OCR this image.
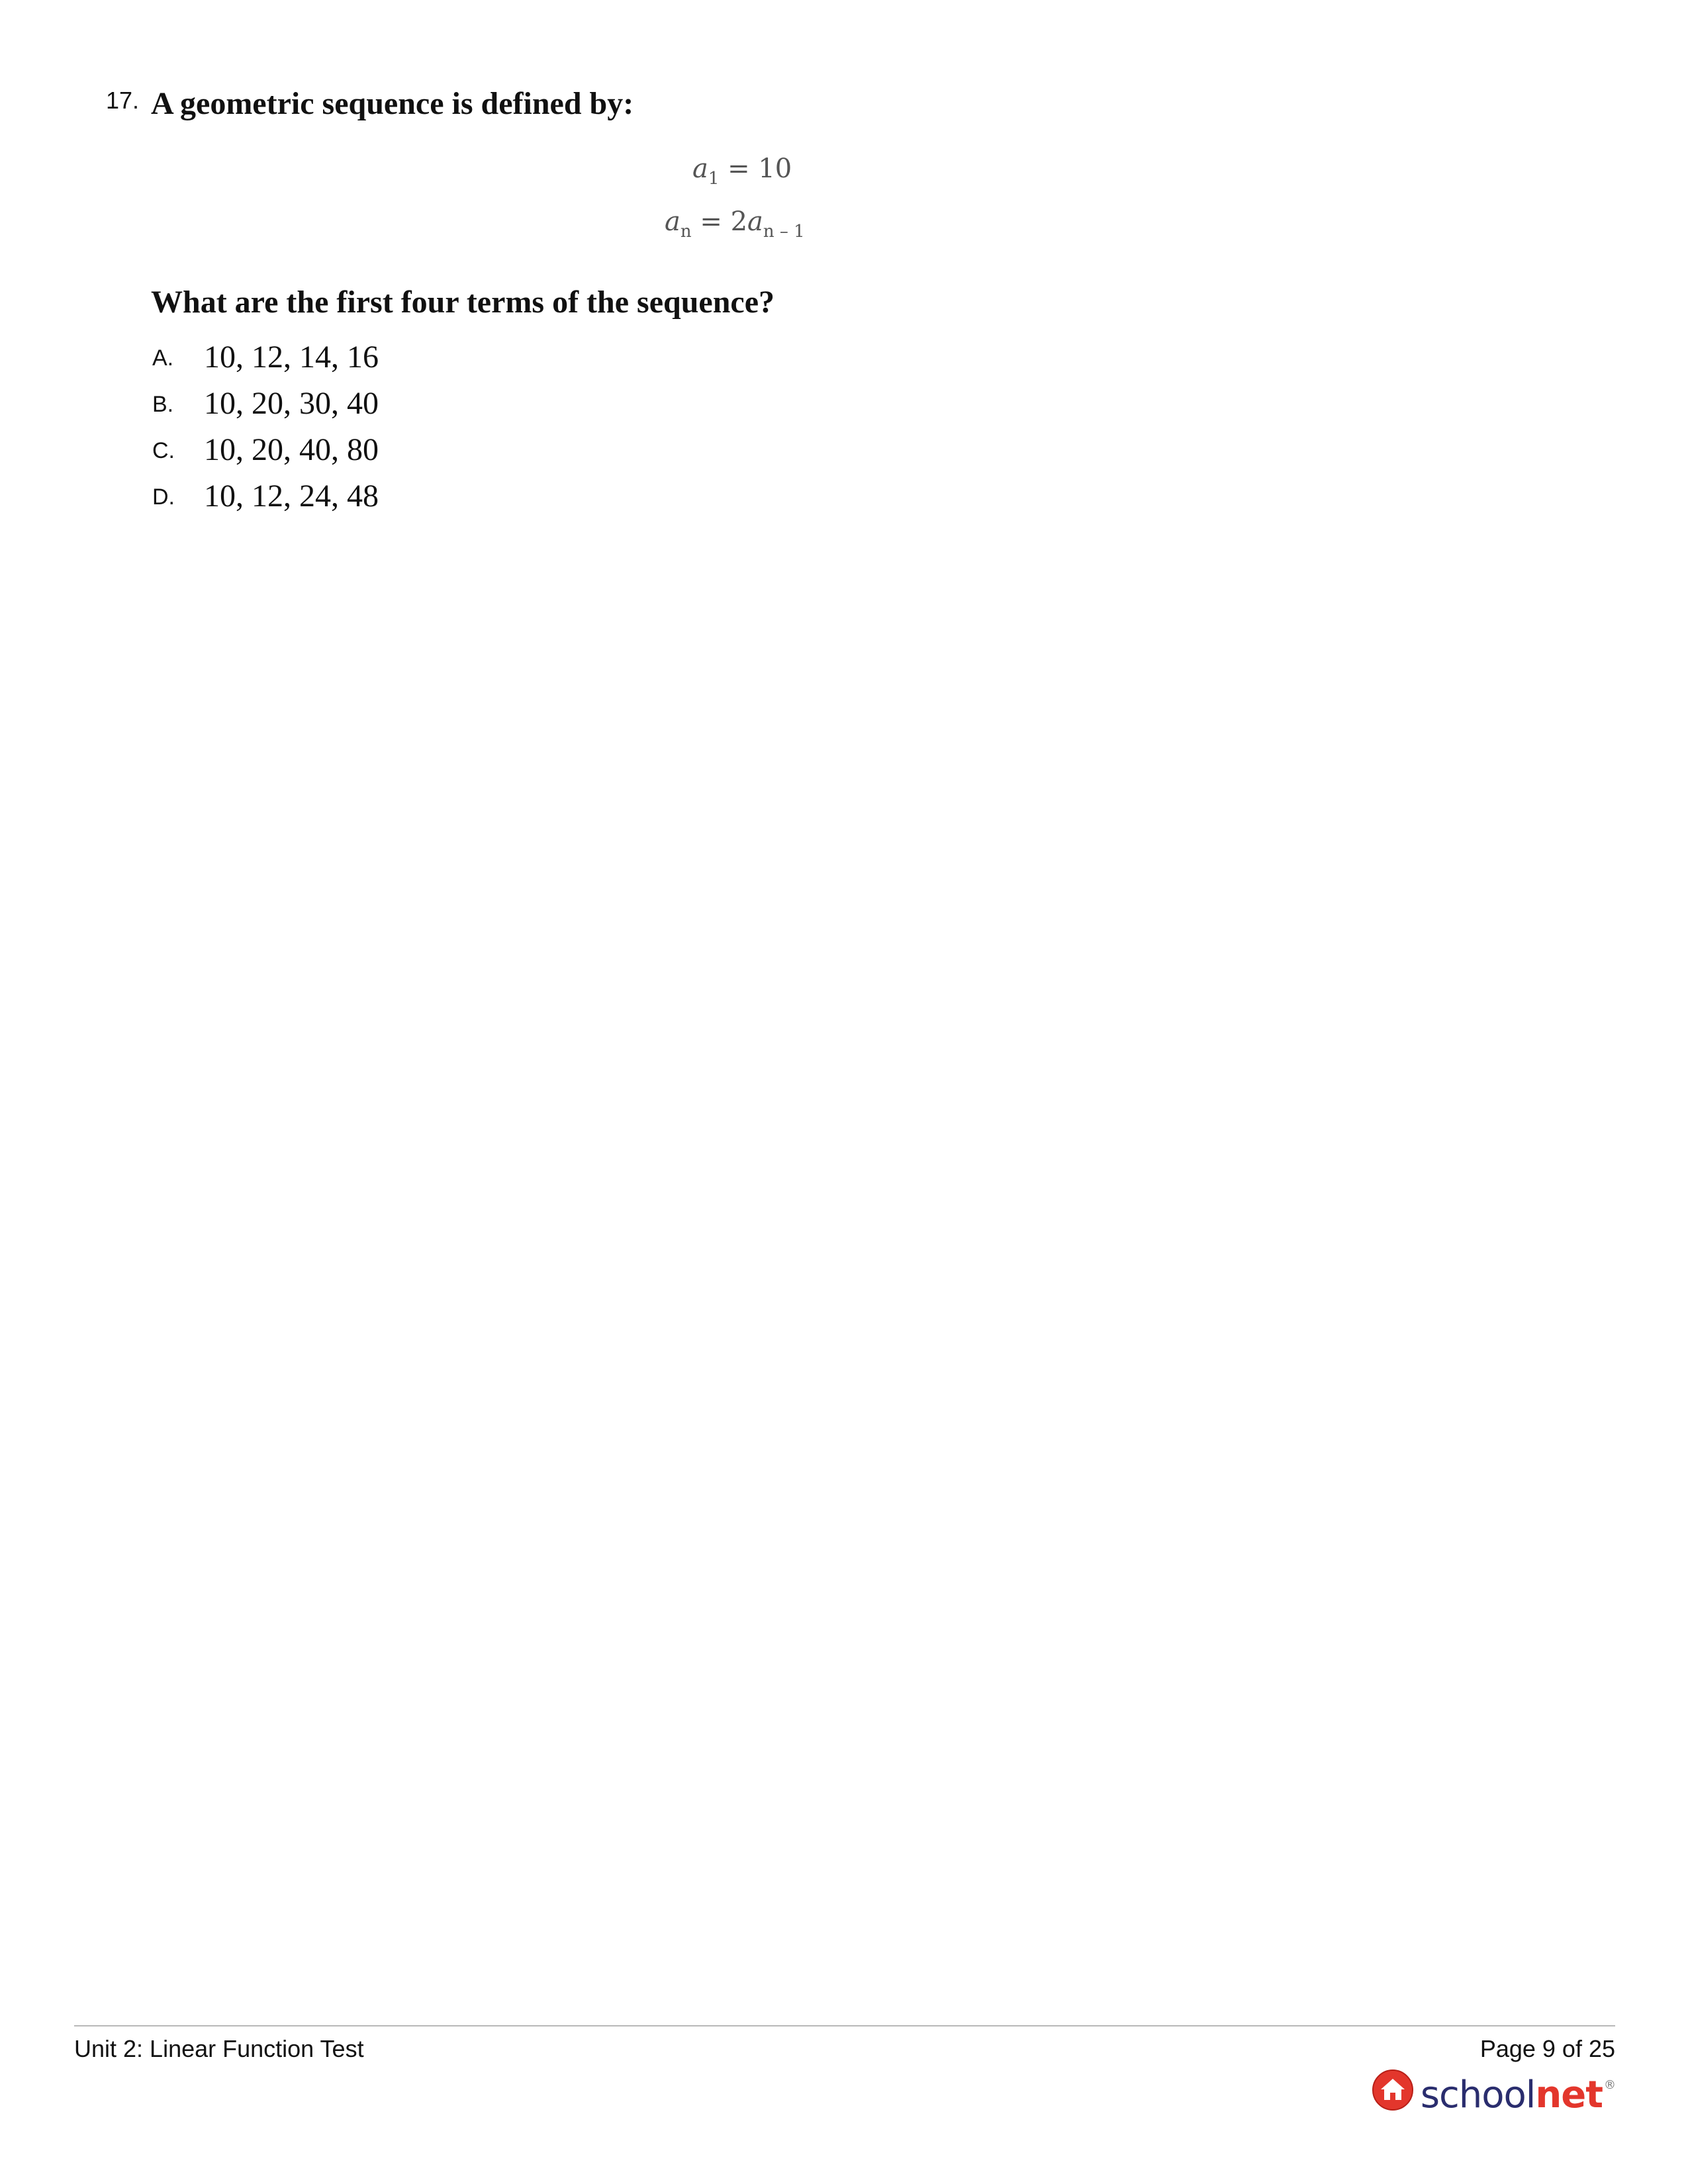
17. A geometric sequence is defined by:
$a_1 = 10$
$a_n = 2a_{n - 1}$
What are the first four terms of the sequence?
A. 10, 12, 14, 16
B. 10, 20, 30, 40
C. 10, 20, 40, 80
D. 10, 12, 24, 48
Unit 2: Linear Function Test	Page 9 of 25
schoolnet ®
